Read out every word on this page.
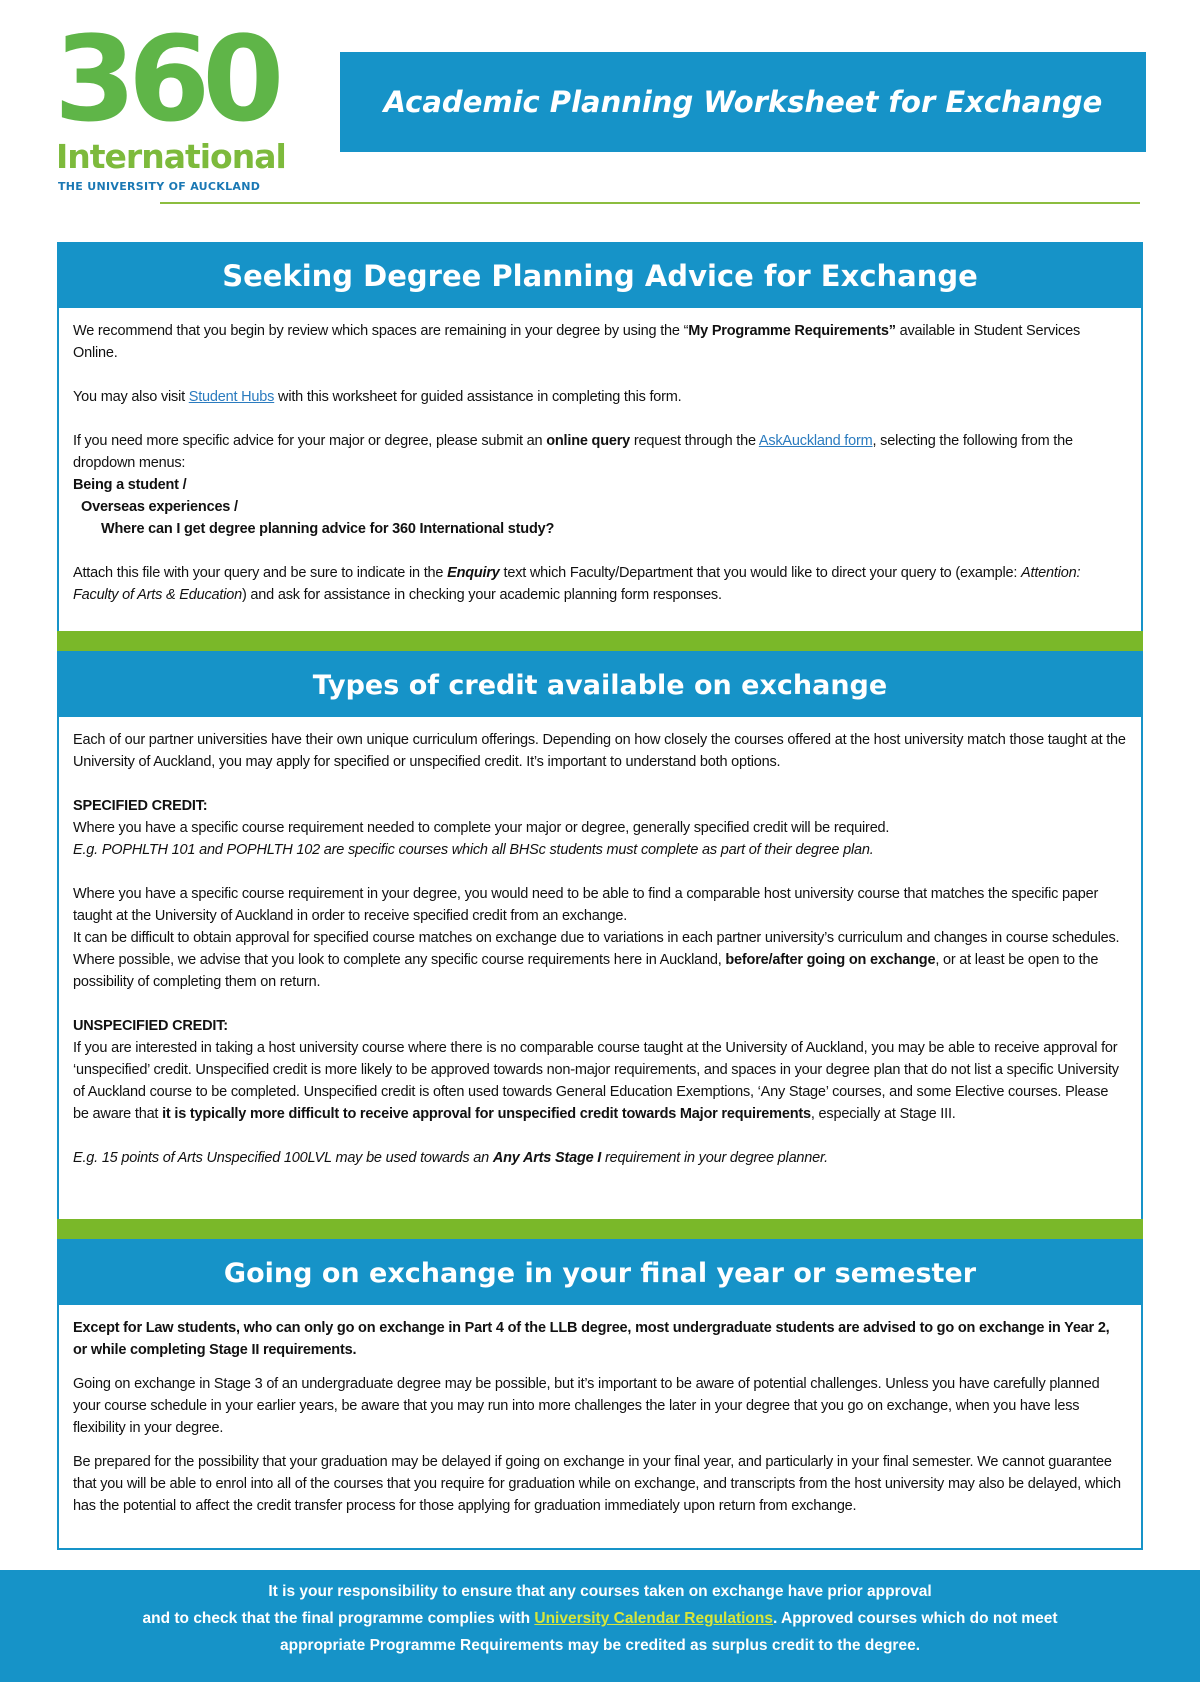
360
International
THE UNIVERSITY OF AUCKLAND
Academic Planning Worksheet for Exchange
Seeking Degree Planning Advice for Exchange

We recommend that you begin by review which spaces are remaining in your degree by using the “My Programme Requirements” available in Student Services Online.

You may also visit Student Hubs with this worksheet for guided assistance in completing this form.

If you need more specific advice for your major or degree, please submit an online query request through the AskAuckland form, selecting the following from the dropdown menus:

Being a student /

Overseas experiences /

Where can I get degree planning advice for 360 International study?

Attach this file with your query and be sure to indicate in the Enquiry text which Faculty/Department that you would like to direct your query to (example: Attention: Faculty of Arts & Education) and ask for assistance in checking your academic planning form responses.

Types of credit available on exchange

Each of our partner universities have their own unique curriculum offerings. Depending on how closely the courses offered at the host university match those taught at the University of Auckland, you may apply for specified or unspecified credit. It’s important to understand both options.

SPECIFIED CREDIT:

Where you have a specific course requirement needed to complete your major or degree, generally specified credit will be required.

E.g. POPHLTH 101 and POPHLTH 102 are specific courses which all BHSc students must complete as part of their degree plan.

Where you have a specific course requirement in your degree, you would need to be able to find a comparable host university course that matches the specific paper taught at the University of Auckland in order to receive specified credit from an exchange.

It can be difficult to obtain approval for specified course matches on exchange due to variations in each partner university’s curriculum and changes in course schedules. Where possible, we advise that you look to complete any specific course requirements here in Auckland, before/after going on exchange, or at least be open to the possibility of completing them on return.

UNSPECIFIED CREDIT:

If you are interested in taking a host university course where there is no comparable course taught at the University of Auckland, you may be able to receive approval for ‘unspecified’ credit. Unspecified credit is more likely to be approved towards non-major requirements, and spaces in your degree plan that do not list a specific University of Auckland course to be completed. Unspecified credit is often used towards General Education Exemptions, ‘Any Stage’ courses, and some Elective courses. Please be aware that it is typically more difficult to receive approval for unspecified credit towards Major requirements, especially at Stage III.

E.g. 15 points of Arts Unspecified 100LVL may be used towards an Any Arts Stage I requirement in your degree planner.

Going on exchange in your final year or semester

Except for Law students, who can only go on exchange in Part 4 of the LLB degree, most undergraduate students are advised to go on exchange in Year 2, or while completing Stage II requirements.

Going on exchange in Stage 3 of an undergraduate degree may be possible, but it’s important to be aware of potential challenges. Unless you have carefully planned your course schedule in your earlier years, be aware that you may run into more challenges the later in your degree that you go on exchange, when you have less flexibility in your degree.

Be prepared for the possibility that your graduation may be delayed if going on exchange in your final year, and particularly in your final semester. We cannot guarantee that you will be able to enrol into all of the courses that you require for graduation while on exchange, and transcripts from the host university may also be delayed, which has the potential to affect the credit transfer process for those applying for graduation immediately upon return from exchange.

It is your responsibility to ensure that any courses taken on exchange have prior approval
and to check that the final programme complies with University Calendar Regulations. Approved courses which do not meet
appropriate Programme Requirements may be credited as surplus credit to the degree.
